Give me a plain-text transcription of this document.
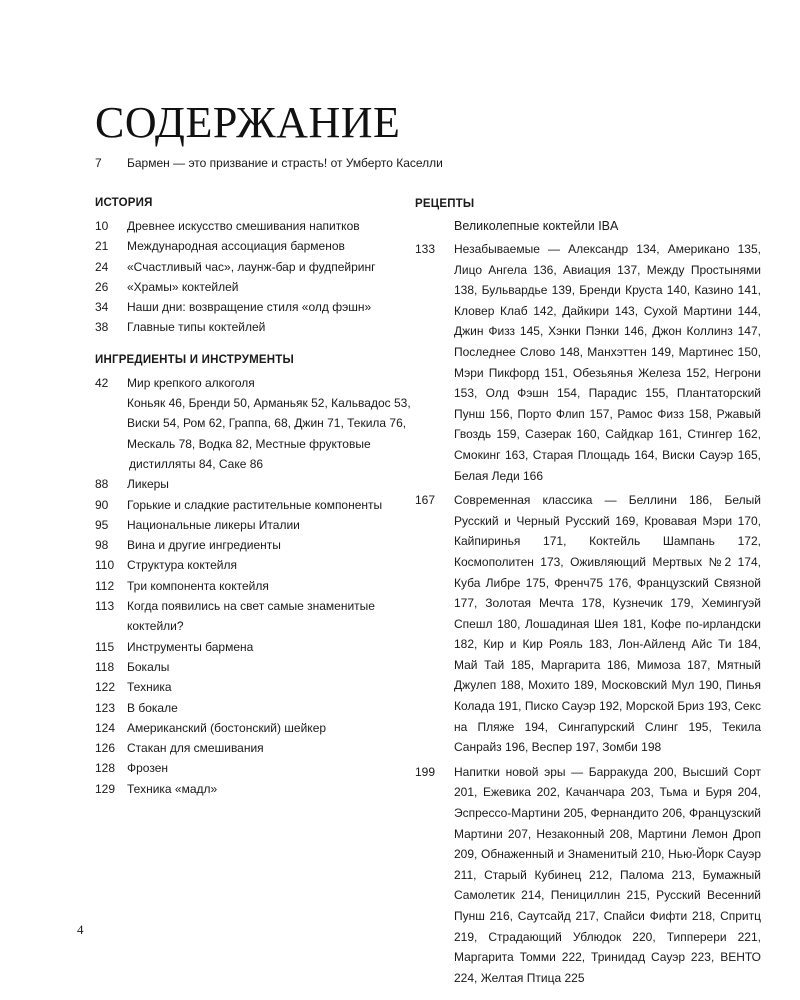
СОДЕРЖАНИЕ
7	Бармен — это призвание и страсть! от Умберто Каселли
ИСТОРИЯ
10	Древнее искусство смешивания напитков
21	Международная ассоциация барменов
24	«Счастливый час», лаунж-бар и фудпейринг
26	«Храмы» коктейлей
34	Наши дни: возвращение стиля «олд фэшн»
38	Главные типы коктейлей
ИНГРЕДИЕНТЫ И ИНСТРУМЕНТЫ
42	Мир крепкого алкоголя
Коньяк 46, Бренди 50, Арманьяк 52, Кальвадос 53,
Виски 54, Ром 62, Граппа, 68, Джин 71, Текила 76,
Мескаль 78, Водка 82, Местные фруктовые
дистилляты 84, Саке 86
88	Ликеры
90	Горькие и сладкие растительные компоненты
95	Национальные ликеры Италии
98	Вина и другие ингредиенты
110	Структура коктейля
112	Три компонента коктейля
113	Когда появились на свет самые знаменитые коктейли?
115	Инструменты бармена
118	Бокалы
122 Техника
123 В бокале
124 Американский (бостонский) шейкер
126 Стакан для смешивания
128 Фрозен
129 Техника «мадл»
РЕЦЕПТЫ
Великолепные коктейли IBA
133	Незабываемые — Александр 134, Американо 135, Лицо Ангела 136, Авиация 137, Между Простынями 138, Бульвардье 139, Бренди Круста 140, Казино 141, Кловер Клаб 142, Дайкири 143, Сухой Мартини 144, Джин Физз 145, Хэнки Пэнки 146, Джон Коллинз 147, Последнее Слово 148, Манхэттен 149, Мартинес 150, Мэри Пикфорд 151, Обезьянья Железа 152, Негрони 153, Олд Фэшн 154, Парадис 155, Плантаторский Пунш 156, Порто Флип 157, Рамос Физз 158, Ржавый Гвоздь 159, Сазерак 160, Сайдкар 161, Стингер 162, Смокинг 163, Старая Площадь 164, Виски Сауэр 165, Белая Леди 166
167	Современная классика — Беллини 186, Белый Русский и Черный Русский 169, Кровавая Мэри 170, Кайпиринья 171, Коктейль Шампань 172, Космополитен 173, Оживляющий Мертвых №2 174, Куба Либре 175, Френч75 176, Французский Связной 177, Золотая Мечта 178, Кузнечик 179, Хемингуэй Спешл 180, Лошадиная Шея 181, Кофе по-ирландски 182, Кир и Кир Рояль 183, Лон-Айленд Айс Ти 184, Май Тай 185, Маргарита 186, Мимоза 187, Мятный Джулеп 188, Мохито 189, Московский Мул 190, Пинья Колада 191, Писко Сауэр 192, Морской Бриз 193, Секс на Пляже 194, Сингапурский Слинг 195, Текила Санрайз 196, Веспер 197, Зомби 198
199	Напитки новой эры — Барракуда 200, Высший Сорт 201, Ежевика 202, Качанчара 203, Тьма и Буря 204, Эспрессо-Мартини 205, Фернандито 206, Французский Мартини 207, Незаконный 208, Мартини Лемон Дроп 209, Обнаженный и Знаменитый 210, Нью-Йорк Сауэр 211, Старый Кубинец 212, Палома 213, Бумажный Самолетик 214, Пенициллин 215, Русский Весенний Пунш 216, Саутсайд 217, Спайси Фифти 218, Спритц 219, Страдающий Ублюдок 220, Типперери 221, Маргарита Томми 222, Тринидад Сауэр 223, ВЕНТО 224, Желтая Птица 225
4
